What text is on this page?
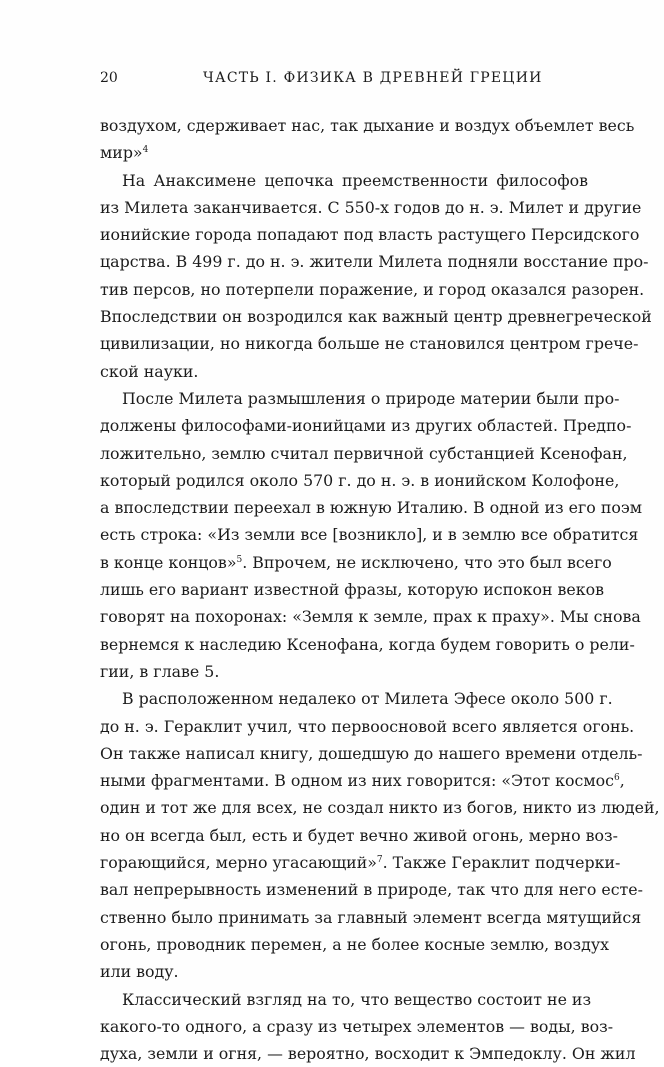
20	ЧАСТЬ I. ФИЗИКА В ДРЕВНЕЙ ГРЕЦИИ
воздухом, сдерживает нас, так дыхание и воздух объемлет весь
мир»$^4$
На Анаксимене цепочка преемственности философов
из Милета заканчивается. С 550-х годов до н. э. Милет и другие
ионийские города попадают под власть растущего Персидского
царства. В 499 г. до н. э. жители Милета подняли восстание про-
тив персов, но потерпели поражение, и город оказался разорен.
Впоследствии он возродился как важный центр древнегреческой
цивилизации, но никогда больше не становился центром грече-
ской науки.
После Милета размышления о природе материи были про-
должены философами-ионийцами из других областей. Предпо-
ложительно, землю считал первичной субстанцией Ксенофан,
который родился около 570 г. до н. э. в ионийском Колофоне,
а впоследствии переехал в южную Италию. В одной из его поэм
есть строка: «Из земли все [возникло], и в землю все обратится
в конце концов»$^5$. Впрочем, не исключено, что это был всего
лишь его вариант известной фразы, которую испокон веков
говорят на похоронах: «Земля к земле, прах к праху». Мы снова
вернемся к наследию Ксенофана, когда будем говорить о рели-
гии, в главе 5.
В расположенном недалеко от Милета Эфесе около 500 г.
до н. э. Гераклит учил, что первоосновой всего является огонь.
Он также написал книгу, дошедшую до нашего времени отдель-
ными фрагментами. В одном из них говорится: «Этот космос$^6$,
один и тот же для всех, не создал никто из богов, никто из людей,
но он всегда был, есть и будет вечно живой огонь, мерно воз-
горающийся, мерно угасающий»$^7$. Также Гераклит подчерки-
вал непрерывность изменений в природе, так что для него есте-
ственно было принимать за главный элемент всегда мятущийся
огонь, проводник перемен, а не более косные землю, воздух
или воду.
Классический взгляд на то, что вещество состоит не из
какого-то одного, а сразу из четырех элементов — воды, воз-
духа, земли и огня, — вероятно, восходит к Эмпедоклу. Он жил
